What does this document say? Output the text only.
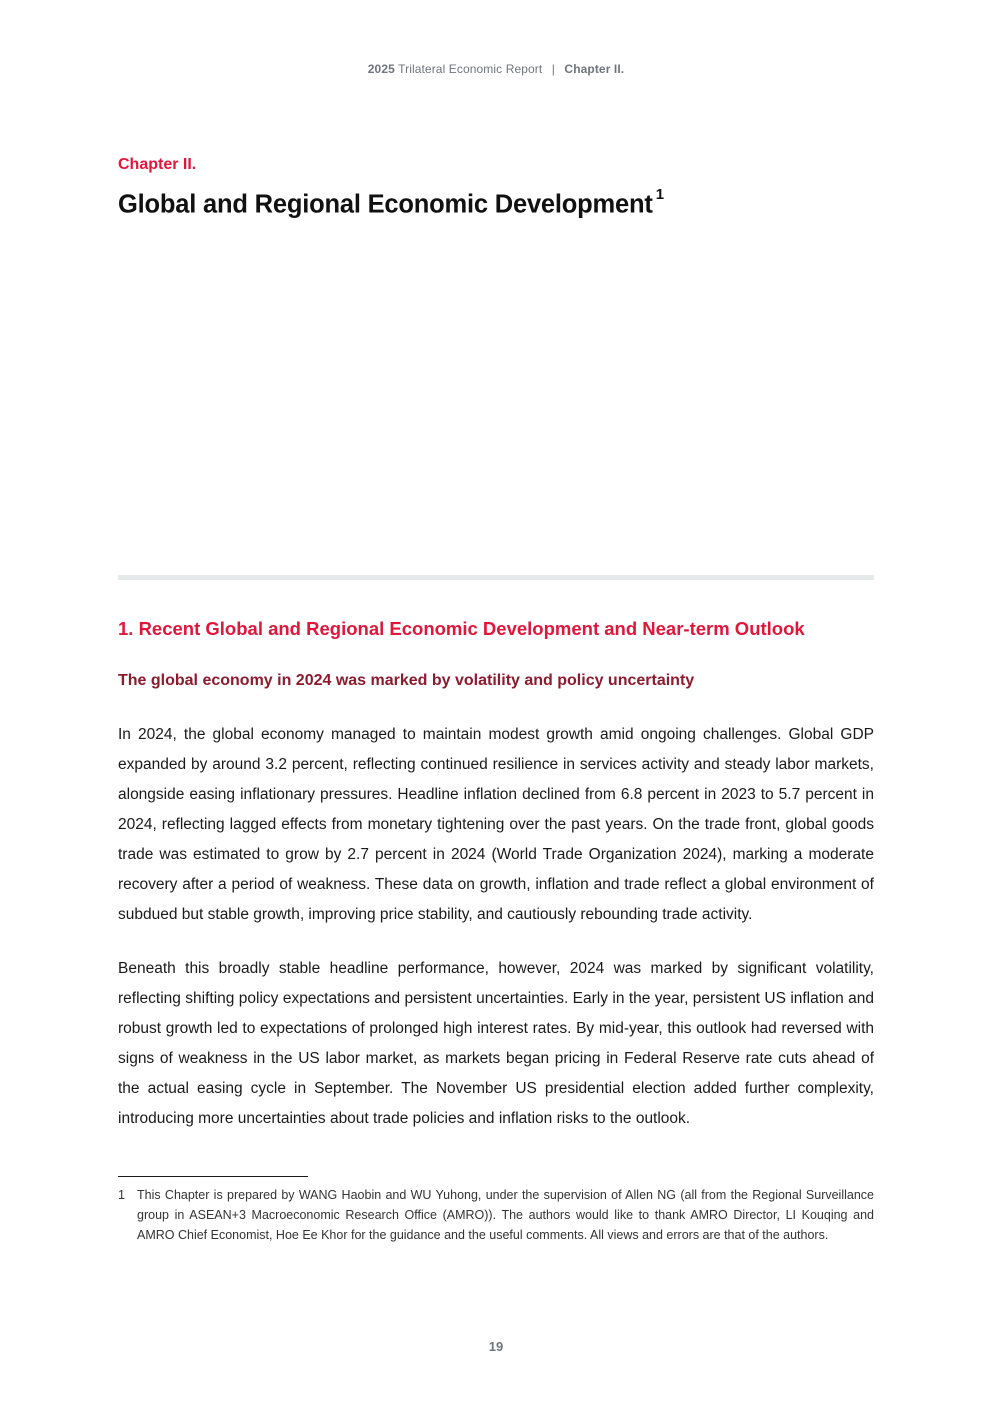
2025 Trilateral Economic Report | Chapter II.
Chapter II.
Global and Regional Economic Development $^1$
1. Recent Global and Regional Economic Development and Near-term Outlook
The global economy in 2024 was marked by volatility and policy uncertainty

In 2024, the global economy managed to maintain modest growth amid ongoing challenges. Global GDP expanded by around 3.2 percent, reflecting continued resilience in services activity and steady labor markets, alongside easing inflationary pressures. Headline inflation declined from 6.8 percent in 2023 to 5.7 percent in 2024, reflecting lagged effects from monetary tightening over the past years. On the trade front, global goods trade was estimated to grow by 2.7 percent in 2024 (World Trade Organization 2024), marking a moderate recovery after a period of weakness. These data on growth, inflation and trade reflect a global environment of subdued but stable growth, improving price stability, and cautiously rebounding trade activity.

Beneath this broadly stable headline performance, however, 2024 was marked by significant volatility, reflecting shifting policy expectations and persistent uncertainties. Early in the year, persistent US inflation and robust growth led to expectations of prolonged high interest rates. By mid-year, this outlook had reversed with signs of weakness in the US labor market, as markets began pricing in Federal Reserve rate cuts ahead of the actual easing cycle in September. The November US presidential election added further complexity, introducing more uncertainties about trade policies and inflation risks to the outlook.

1 This Chapter is prepared by WANG Haobin and WU Yuhong, under the supervision of Allen NG (all from the Regional Surveillance group in ASEAN+3 Macroeconomic Research Office (AMRO)). The authors would like to thank AMRO Director, LI Kouqing and AMRO Chief Economist, Hoe Ee Khor for the guidance and the useful comments. All views and errors are that of the authors.
19
